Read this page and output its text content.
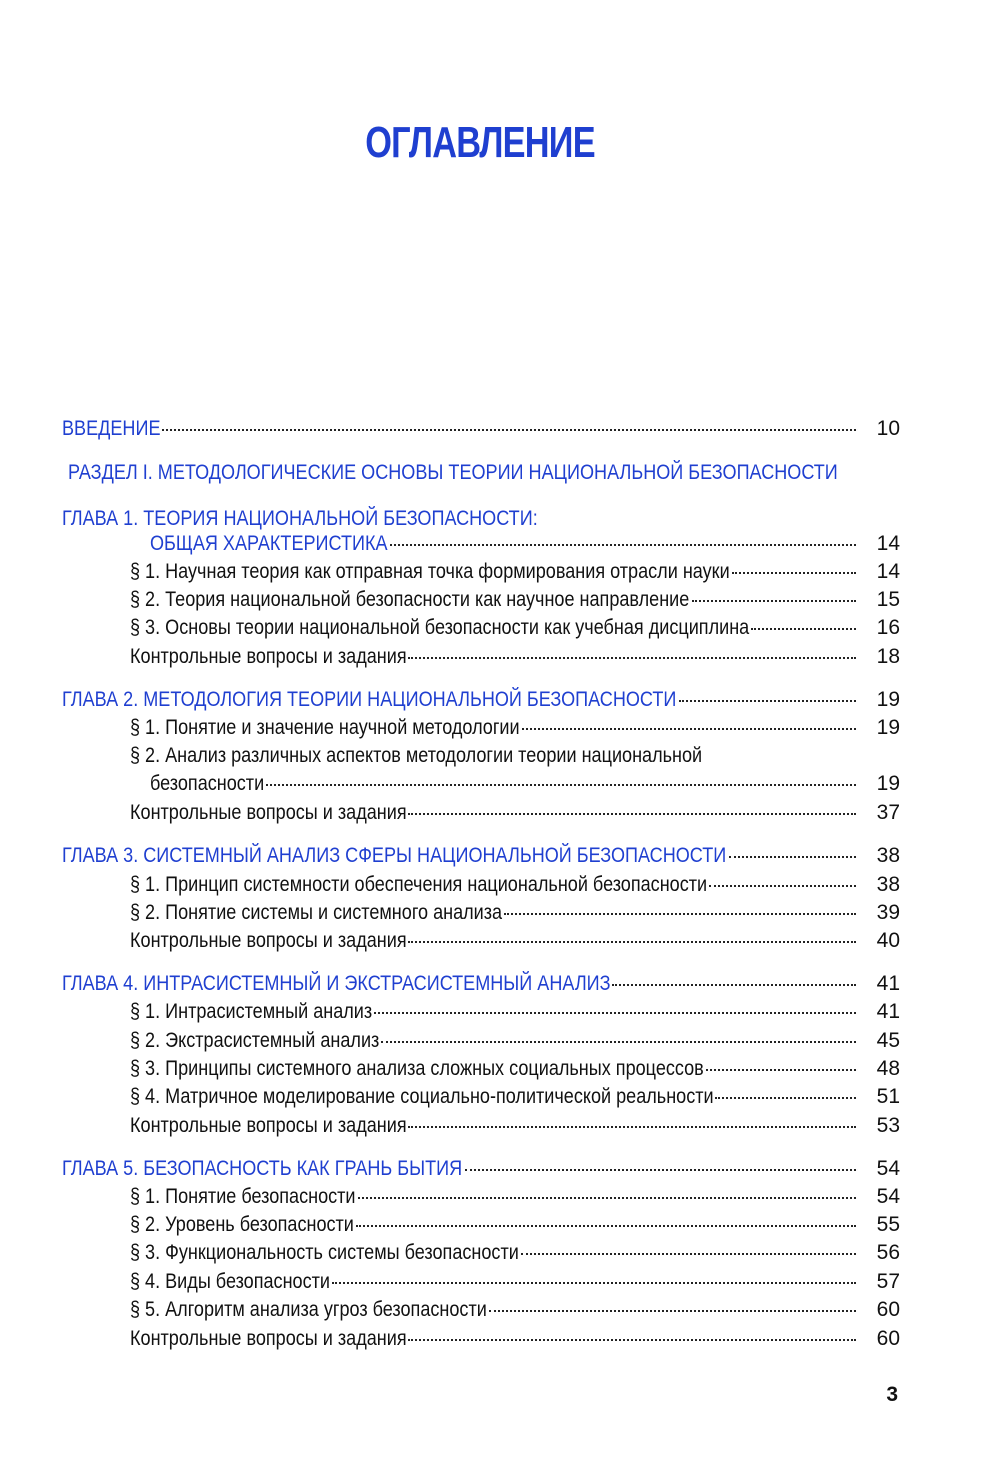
ОГЛАВЛЕНИЕ
ВВЕДЕНИЕ	10
РАЗДЕЛ I. МЕТОДОЛОГИЧЕСКИЕ ОСНОВЫ ТЕОРИИ НАЦИОНАЛЬНОЙ БЕЗОПАСНОСТИ
ГЛАВА 1. ТЕОРИЯ НАЦИОНАЛЬНОЙ БЕЗОПАСНОСТИ:
ОБЩАЯ ХАРАКТЕРИСТИКА	14
§ 1. Научная теория как отправная точка формирования отрасли науки	14
§ 2. Теория национальной безопасности как научное направление	15
§ 3. Основы теории национальной безопасности как учебная дисциплина	16
Контрольные вопросы и задания	18
ГЛАВА 2. МЕТОДОЛОГИЯ ТЕОРИИ НАЦИОНАЛЬНОЙ БЕЗОПАСНОСТИ	19
§ 1. Понятие и значение научной методологии	19
§ 2. Анализ различных аспектов методологии теории национальной
безопасности	19
Контрольные вопросы и задания	37
ГЛАВА 3. СИСТЕМНЫЙ АНАЛИЗ СФЕРЫ НАЦИОНАЛЬНОЙ БЕЗОПАСНОСТИ	38
§ 1. Принцип системности обеспечения национальной безопасности	38
§ 2. Понятие системы и системного анализа	39
Контрольные вопросы и задания	40
ГЛАВА 4. ИНТРАСИСТЕМНЫЙ И ЭКСТРАСИСТЕМНЫЙ АНАЛИЗ	41
§ 1. Интрасистемный анализ	41
§ 2. Экстрасистемный анализ	45
§ 3. Принципы системного анализа сложных социальных процессов	48
§ 4. Матричное моделирование социально-политической реальности	51
Контрольные вопросы и задания	53
ГЛАВА 5. БЕЗОПАСНОСТЬ КАК ГРАНЬ БЫТИЯ	54
§ 1. Понятие безопасности	54
§ 2. Уровень безопасности	55
§ 3. Функциональность системы безопасности	56
§ 4. Виды безопасности	57
§ 5. Алгоритм анализа угроз безопасности	60
Контрольные вопросы и задания	60
3
